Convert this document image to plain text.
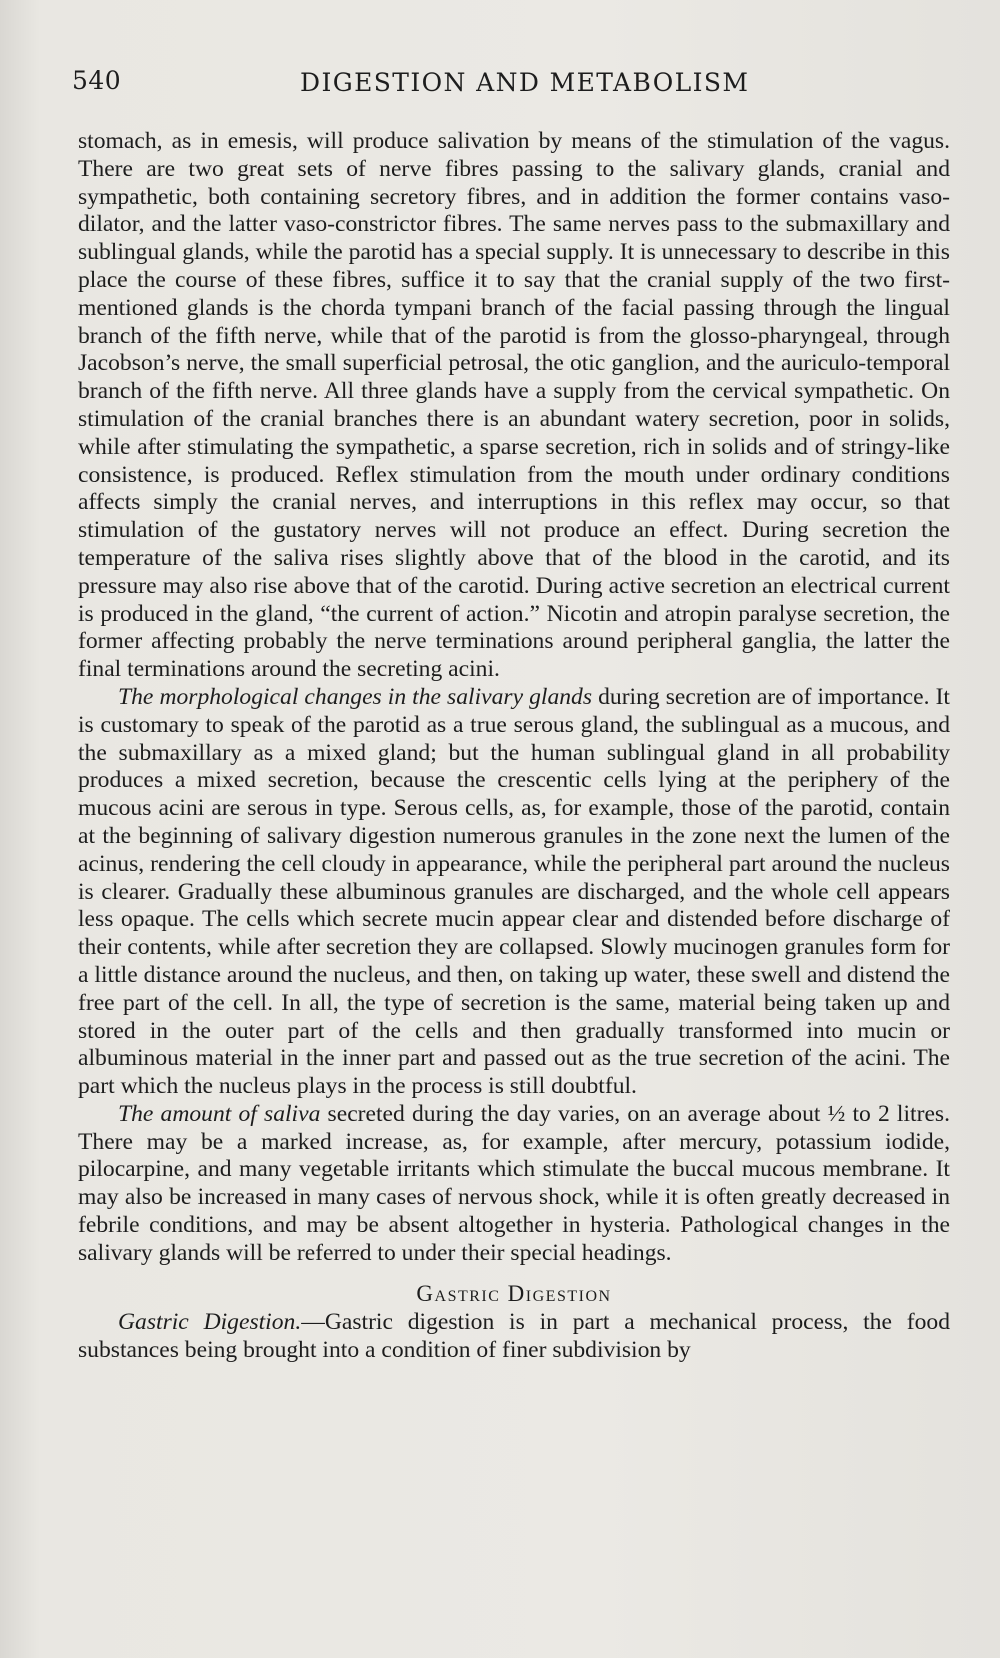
540	DIGESTION AND METABOLISM

stomach, as in emesis, will produce salivation by means of the stimulation of the vagus. There are two great sets of nerve fibres passing to the salivary glands, cranial and sympathetic, both containing secretory fibres, and in addition the former contains vaso-dilator, and the latter vaso-constrictor fibres. The same nerves pass to the submaxillary and sublingual glands, while the parotid has a special supply. It is unnecessary to describe in this place the course of these fibres, suffice it to say that the cranial supply of the two first-mentioned glands is the chorda tympani branch of the facial passing through the lingual branch of the fifth nerve, while that of the parotid is from the glosso-pharyngeal, through Jacobson’s nerve, the small superficial petrosal, the otic ganglion, and the auriculo-temporal branch of the fifth nerve. All three glands have a supply from the cervical sympathetic. On stimulation of the cranial branches there is an abundant watery secretion, poor in solids, while after stimulating the sympathetic, a sparse secretion, rich in solids and of stringy-like consistence, is produced. Reflex stimulation from the mouth under ordinary conditions affects simply the cranial nerves, and interruptions in this reflex may occur, so that stimulation of the gustatory nerves will not produce an effect. During secretion the temperature of the saliva rises slightly above that of the blood in the carotid, and its pressure may also rise above that of the carotid. During active secretion an electrical current is produced in the gland, “the current of action.” Nicotin and atropin paralyse secretion, the former affecting probably the nerve terminations around peripheral ganglia, the latter the final terminations around the secreting acini.

The morphological changes in the salivary glands during secretion are of importance. It is customary to speak of the parotid as a true serous gland, the sublingual as a mucous, and the submaxillary as a mixed gland; but the human sublingual gland in all probability produces a mixed secretion, because the crescentic cells lying at the periphery of the mucous acini are serous in type. Serous cells, as, for example, those of the parotid, contain at the beginning of salivary digestion numerous granules in the zone next the lumen of the acinus, rendering the cell cloudy in appearance, while the peripheral part around the nucleus is clearer. Gradually these albuminous granules are discharged, and the whole cell appears less opaque. The cells which secrete mucin appear clear and distended before discharge of their contents, while after secretion they are collapsed. Slowly mucinogen granules form for a little distance around the nucleus, and then, on taking up water, these swell and distend the free part of the cell. In all, the type of secretion is the same, material being taken up and stored in the outer part of the cells and then gradually transformed into mucin or albuminous material in the inner part and passed out as the true secretion of the acini. The part which the nucleus plays in the process is still doubtful.

The amount of saliva secreted during the day varies, on an average about ½ to 2 litres. There may be a marked increase, as, for example, after mercury, potassium iodide, pilocarpine, and many vegetable irritants which stimulate the buccal mucous membrane. It may also be increased in many cases of nervous shock, while it is often greatly decreased in febrile conditions, and may be absent altogether in hysteria. Pathological changes in the salivary glands will be referred to under their special headings.

Gastric Digestion

Gastric Digestion.—Gastric digestion is in part a mechanical process, the food substances being brought into a condition of finer subdivision by
